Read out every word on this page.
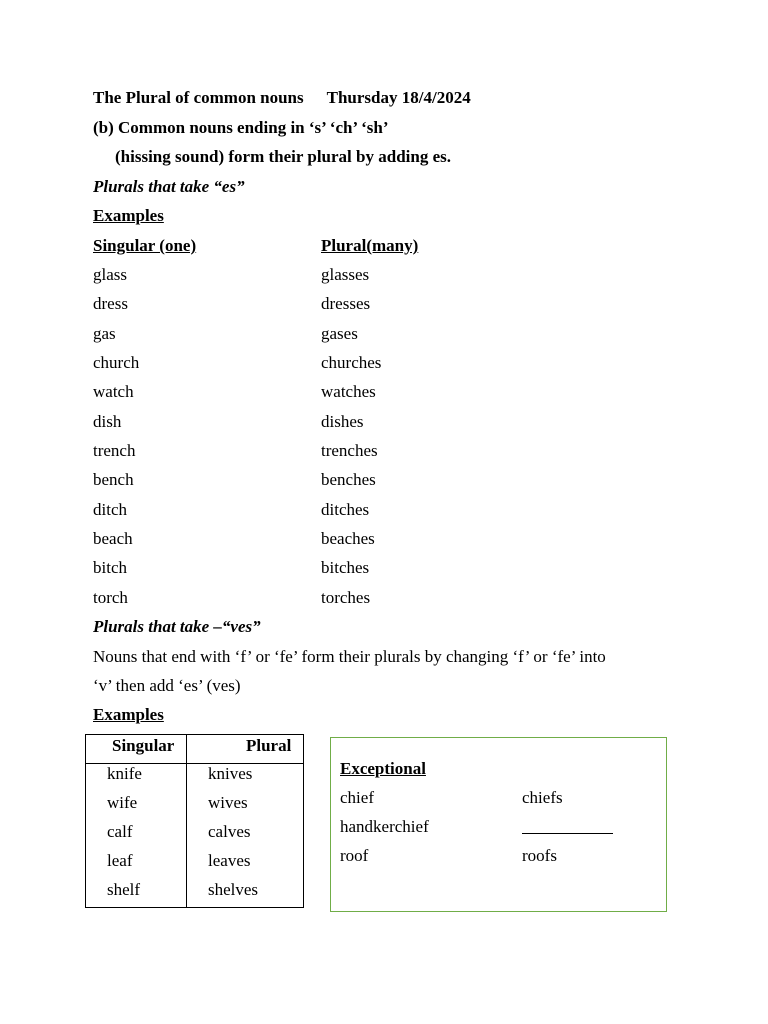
The Plural of common nouns Thursday 18/4/2024
(b) Common nouns ending in ‘s’ ‘ch’ ‘sh’
(hissing sound) form their plural by adding es.
Plurals that take “es”
Examples
Singular (one)	Plural(many)
glass	glasses
dress	dresses
gas	gases
church	churches
watch	watches
dish	dishes
trench	trenches
bench	benches
ditch	ditches
beach	beaches
bitch	bitches
torch	torches
Plurals that take –“ves”
Nouns that end with ‘f’ or ‘fe’ form their plurals by changing ‘f’ or ‘fe’ into
‘v’ then add ‘es’ (ves)
Examples
Singular	Plural
knife	knives
wife	wives
calf	calves
leaf	leaves
shelf	shelves
Exceptional
chief	chiefs
handkerchief
roof	roofs
